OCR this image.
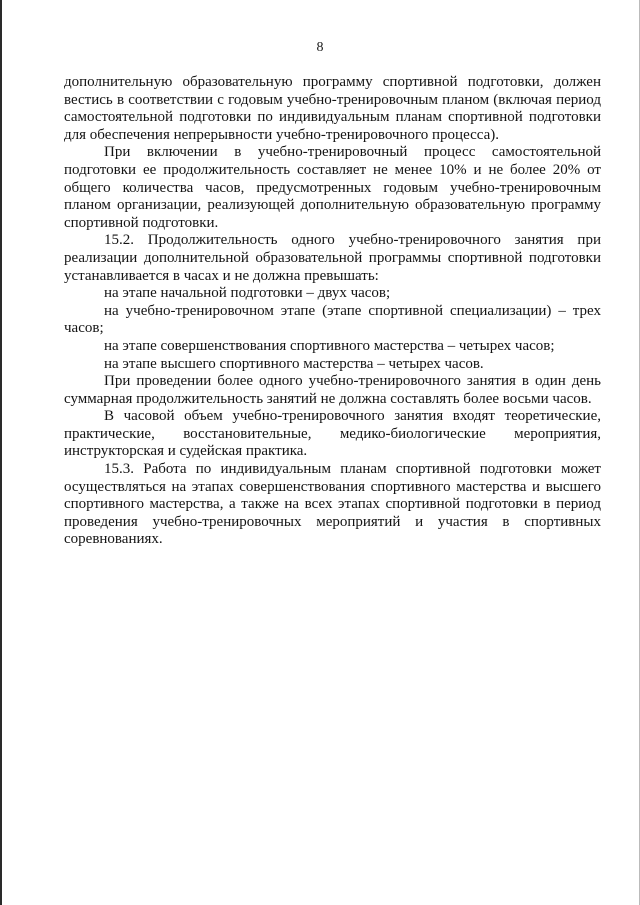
8

дополнительную образовательную программу спортивной подготовки, должен вестись в соответствии с годовым учебно-тренировочным планом (включая период самостоятельной подготовки по индивидуальным планам спортивной подготовки для обеспечения непрерывности учебно-тренировочного процесса).

При включении в учебно-тренировочный процесс самостоятельной подготовки ее продолжительность составляет не менее 10% и не более 20% от общего количества часов, предусмотренных годовым учебно-тренировочным планом организации, реализующей дополнительную образовательную программу спортивной подготовки.

15.2. Продолжительность одного учебно-тренировочного занятия при реализации дополнительной образовательной программы спортивной подготовки устанавливается в часах и не должна превышать:

на этапе начальной подготовки – двух часов;

на учебно-тренировочном этапе (этапе спортивной специализации) – трех часов;

на этапе совершенствования спортивного мастерства – четырех часов;

на этапе высшего спортивного мастерства – четырех часов.

При проведении более одного учебно-тренировочного занятия в один день суммарная продолжительность занятий не должна составлять более восьми часов.

В часовой объем учебно-тренировочного занятия входят теоретические, практические, восстановительные, медико-биологические мероприятия, инструкторская и судейская практика.

15.3. Работа по индивидуальным планам спортивной подготовки может осуществляться на этапах совершенствования спортивного мастерства и высшего спортивного мастерства, а также на всех этапах спортивной подготовки в период проведения учебно-тренировочных мероприятий и участия в спортивных соревнованиях.
